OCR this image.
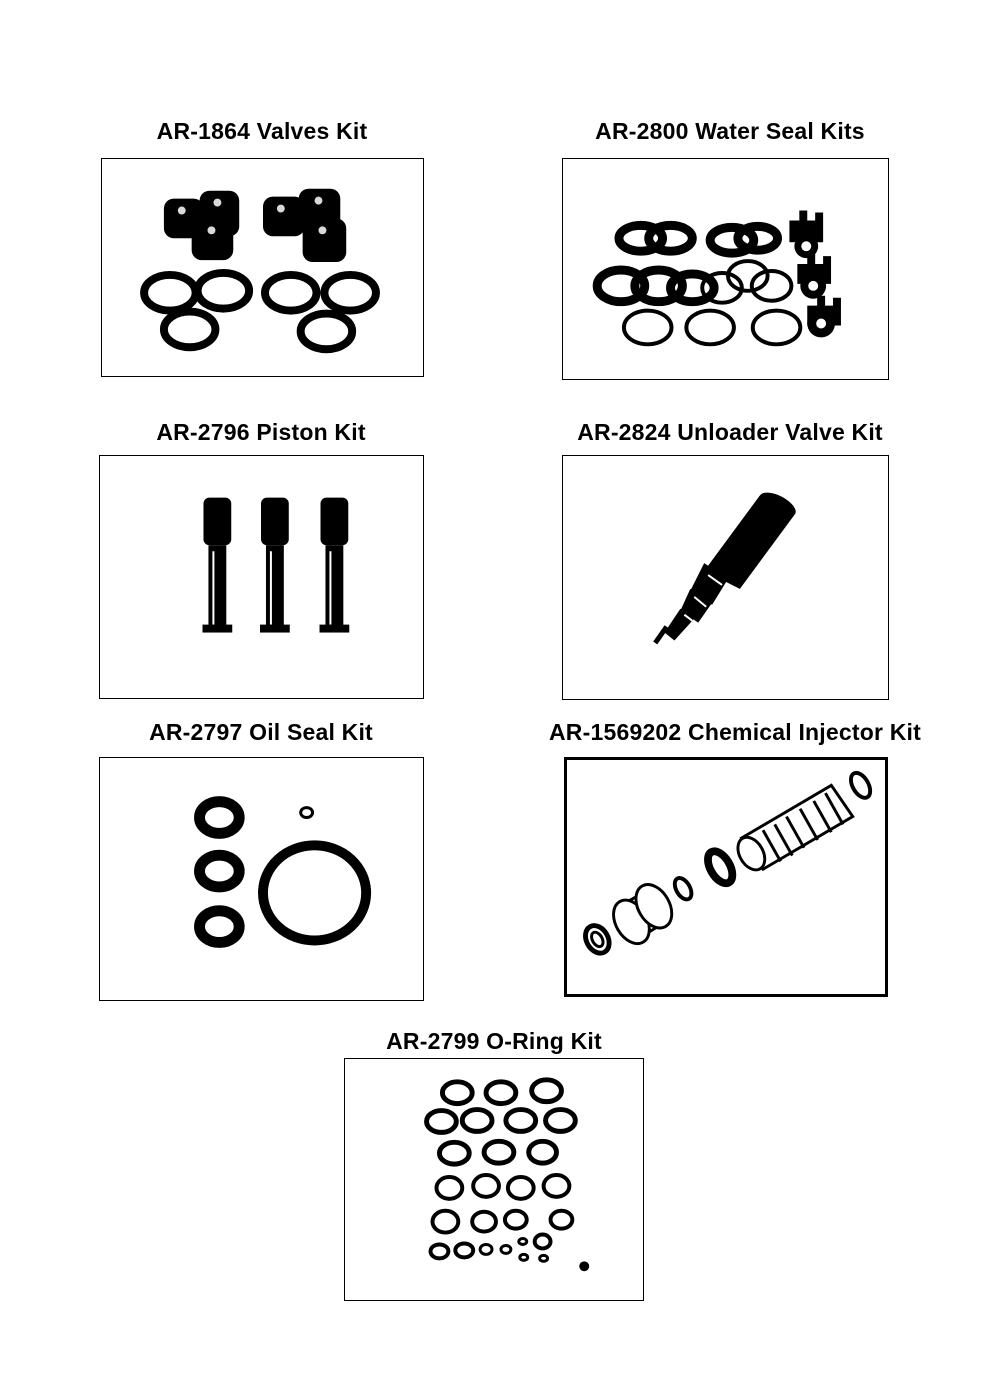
AR-1864 Valves Kit	AR-2800 Water Seal Kits
AR-2796 Piston Kit	AR-2824 Unloader Valve Kit
AR-2797 Oil Seal Kit	AR-1569202 Chemical Injector Kit
AR-2799 O-Ring Kit
